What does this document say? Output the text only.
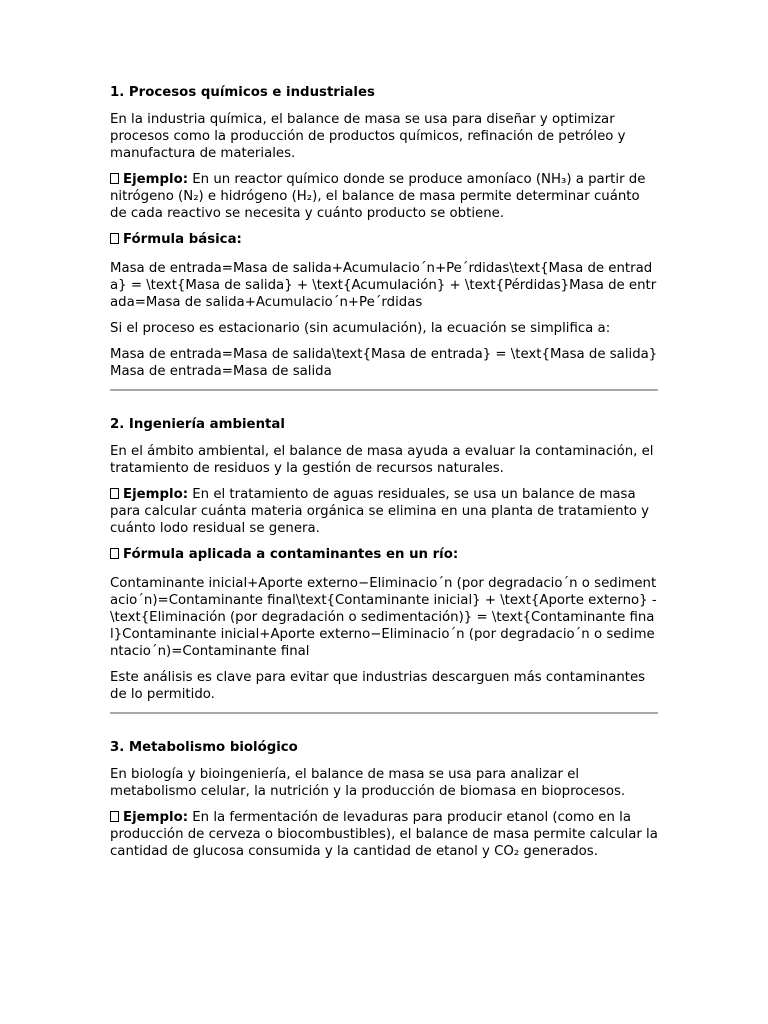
1. Procesos químicos e industriales

En la industria química, el balance de masa se usa para diseñar y optimizar procesos como la producción de productos químicos, refinación de petróleo y manufactura de materiales.

Ejemplo: En un reactor químico donde se produce amoníaco (NH₃) a partir de nitrógeno (N₂) e hidrógeno (H₂), el balance de masa permite determinar cuánto de cada reactivo se necesita y cuánto producto se obtiene.

Fórmula básica:

Masa de entrada=Masa de salida+Acumulacio´n+Pe´rdidas\text{Masa de entrada} = \text{Masa de salida} + \text{Acumulación} + \text{Pérdidas}Masa de entrada=Masa de salida+Acumulacio´n+Pe´rdidas

Si el proceso es estacionario (sin acumulación), la ecuación se simplifica a:

Masa de entrada=Masa de salida\text{Masa de entrada} = \text{Masa de salida}Masa de entrada=Masa de salida

2. Ingeniería ambiental

En el ámbito ambiental, el balance de masa ayuda a evaluar la contaminación, el tratamiento de residuos y la gestión de recursos naturales.

Ejemplo: En el tratamiento de aguas residuales, se usa un balance de masa para calcular cuánta materia orgánica se elimina en una planta de tratamiento y cuánto lodo residual se genera.

Fórmula aplicada a contaminantes en un río:

Contaminante inicial+Aporte externo−Eliminacio´n (por degradacio´n o sedimentacio´n)=Contaminante final\text{Contaminante inicial} + \text{Aporte externo} - \text{Eliminación (por degradación o sedimentación)} = \text{Contaminante final}Contaminante inicial+Aporte externo−Eliminacio´n (por degradacio´n o sedimentacio´n)=Contaminante final

Este análisis es clave para evitar que industrias descarguen más contaminantes de lo permitido.

3. Metabolismo biológico

En biología y bioingeniería, el balance de masa se usa para analizar el metabolismo celular, la nutrición y la producción de biomasa en bioprocesos.

Ejemplo: En la fermentación de levaduras para producir etanol (como en la producción de cerveza o biocombustibles), el balance de masa permite calcular la cantidad de glucosa consumida y la cantidad de etanol y CO₂ generados.
